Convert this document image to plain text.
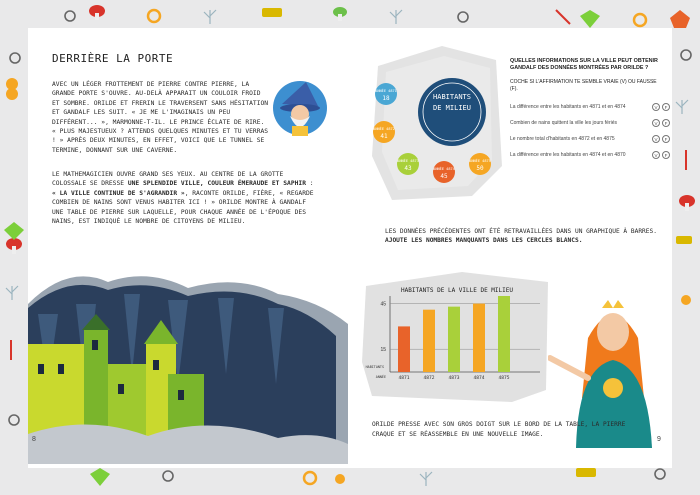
DERRIÈRE LA PORTE
AVEC UN LÉGER FROTTEMENT DE PIERRE CONTRE PIERRE, LA GRANDE PORTE S'OUVRE. AU-DELÀ APPARAIT UN COULOIR FROID ET SOMBRE. ORILDE ET FRERIN LE TRAVERSENT SANS HÉSITATION ET GANDALF LES SUIT. « JE ME L'IMAGINAIS UN PEU DIFFÉRENT... », MARMONNE-T-IL. LE PRINCE ÉCLATE DE RIRE. « PLUS MAJESTUEUX ? ATTENDS QUELQUES MINUTES ET TU VERRAS ! » APRÈS DEUX MINUTES, EN EFFET, VOICI QUE LE TUNNEL SE TERMINE, DONNANT SUR UNE CAVERNE.
LE MATHEMAGICIEN OUVRE GRAND SES YEUX. AU CENTRE DE LA GROTTE COLOSSALE SE DRESSE UNE SPLENDIDE VILLE, COULEUR ÉMERAUDE ET SAPHIR : « LA VILLE CONTINUE DE S'AGRANDIR », RACONTE ORILDE, FIÈRE, « REGARDE COMBIEN DE NAINS SONT VENUS HABITER ICI ! » ORILDE MONTRE À GANDALF UNE TABLE DE PIERRE SUR LAQUELLE, POUR CHAQUE ANNÉE DE L'ÉPOQUE DES NAINS, EST INDIQUÉ LE NOMBRE DE CITOYENS DE MILIEU.
8
HABITANTS
DE MILIEU
ANNÉE 4871
18
ANNÉE 4872
41
ANNÉE 4873
43	ANNÉE 4874
45
ANNÉE 4875
50
QUELLES INFORMATIONS SUR LA VILLE PEUT OBTENIR GANDALF DES DONNÉES MONTRÉES PAR ORILDE ?
COCHE SI L'AFFIRMATION TE SEMBLE VRAIE (V) OU FAUSSE (F).
La différence entre les habitants en 4871 et en 4874	V	F
Combien de nains quittent la ville les jours fériés	V	F
Le nombre total d'habitants en 4872 et en 4875	V	F
La différence entre les habitants en 4874 et en 4870	V	F
LES DONNÉES PRÉCÉDENTES ONT ÉTÉ RETRAVAILLÉES DANS UN GRAPHIQUE À BARRES. AJOUTE LES NOMBRES MANQUANTS DANS LES CERCLES BLANCS.
HABITANTS DE LA VILLE DE MILIEU
45
15
HABITANTS
ANNÉE	4871	4872	4873	4874	4875
ORILDE PRESSE AVEC SON GROS DOIGT SUR LE BORD DE LA TABLE, LA PIERRE CRAQUE ET SE RÉASSEMBLE EN UNE NOUVELLE IMAGE.
9
